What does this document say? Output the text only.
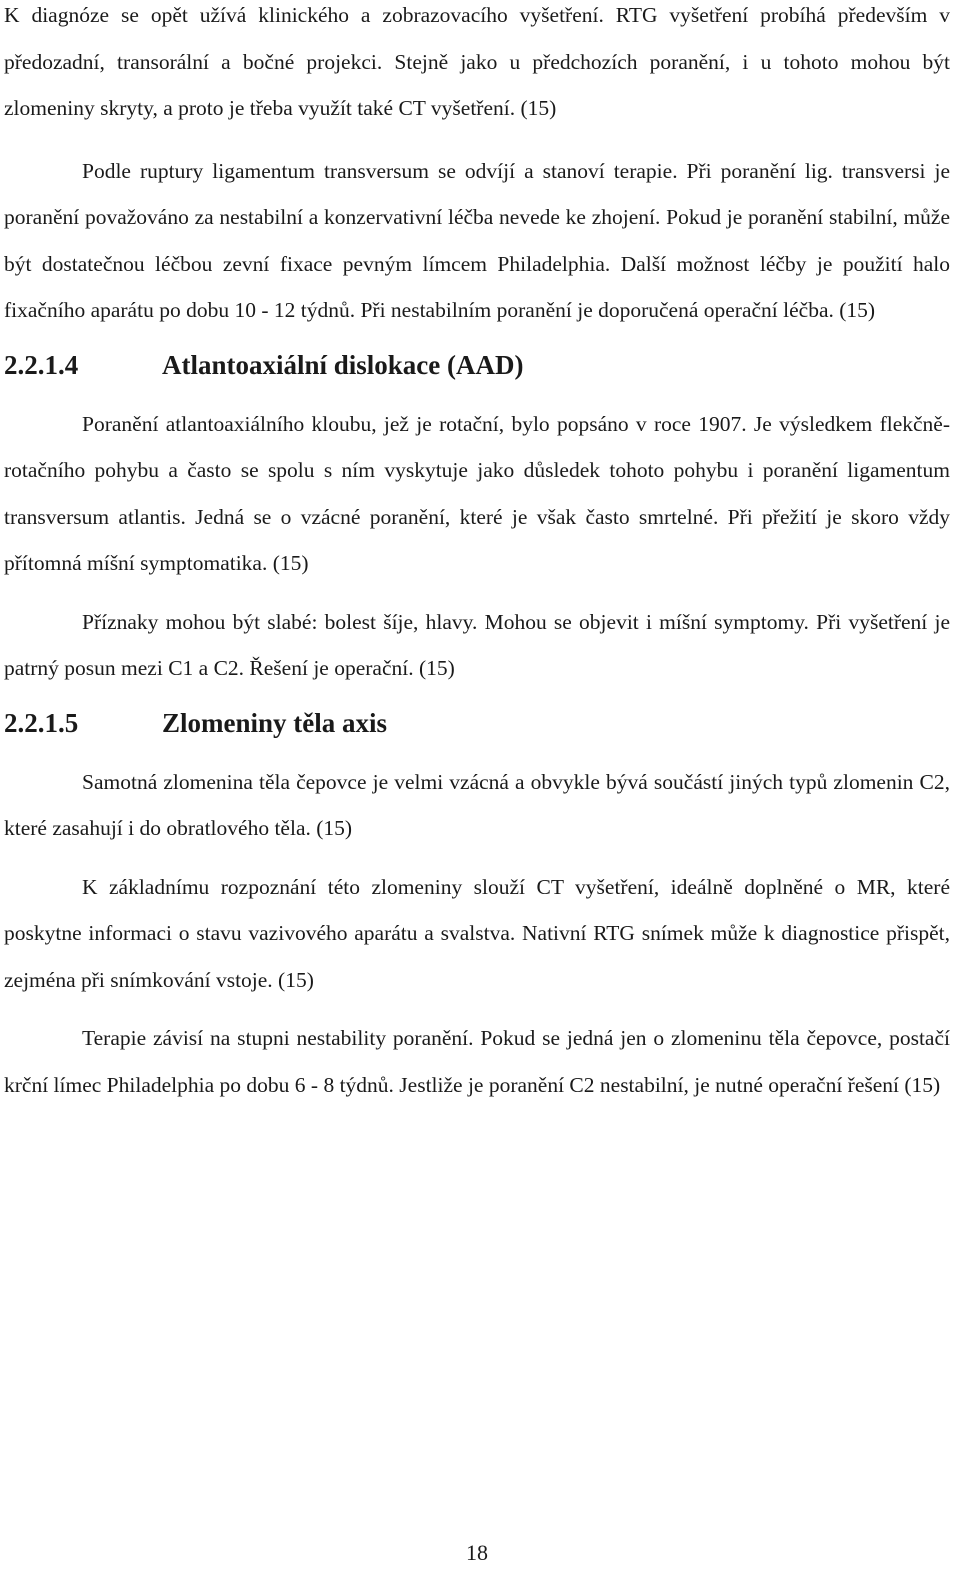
K diagnóze se opět užívá klinického a zobrazovacího vyšetření. RTG vyšetření probíhá především v předozadní, transorální a bočné projekci. Stejně jako u předchozích poranění, i u tohoto mohou být zlomeniny skryty, a proto je třeba využít také CT vyšetření. (15)

Podle ruptury ligamentum transversum se odvíjí a stanoví terapie. Při poranění lig. transversi je poranění považováno za nestabilní a konzervativní léčba nevede ke zhojení. Pokud je poranění stabilní, může být dostatečnou léčbou zevní fixace pevným límcem Philadelphia. Další možnost léčby je použití halo fixačního aparátu po dobu 10 - 12 týdnů. Při nestabilním poranění je doporučená operační léčba. (15)

2.2.1.4	Atlantoaxiální dislokace (AAD)

Poranění atlantoaxiálního kloubu, jež je rotační, bylo popsáno v roce 1907. Je výsledkem flekčně-rotačního pohybu a často se spolu s ním vyskytuje jako důsledek tohoto pohybu i poranění ligamentum transversum atlantis. Jedná se o vzácné poranění, které je však často smrtelné. Při přežití je skoro vždy přítomná míšní symptomatika. (15)

Příznaky mohou být slabé: bolest šíje, hlavy. Mohou se objevit i míšní symptomy. Při vyšetření je patrný posun mezi C1 a C2. Řešení je operační. (15)

2.2.1.5	Zlomeniny těla axis

Samotná zlomenina těla čepovce je velmi vzácná a obvykle bývá součástí jiných typů zlomenin C2, které zasahují i do obratlového těla. (15)

K základnímu rozpoznání této zlomeniny slouží CT vyšetření, ideálně doplněné o MR, které poskytne informaci o stavu vazivového aparátu a svalstva. Nativní RTG snímek může k diagnostice přispět, zejména při snímkování vstoje. (15)

Terapie závisí na stupni nestability poranění. Pokud se jedná jen o zlomeninu těla čepovce, postačí krční límec Philadelphia po dobu 6 - 8 týdnů. Jestliže je poranění C2 nestabilní, je nutné operační řešení (15)

18
